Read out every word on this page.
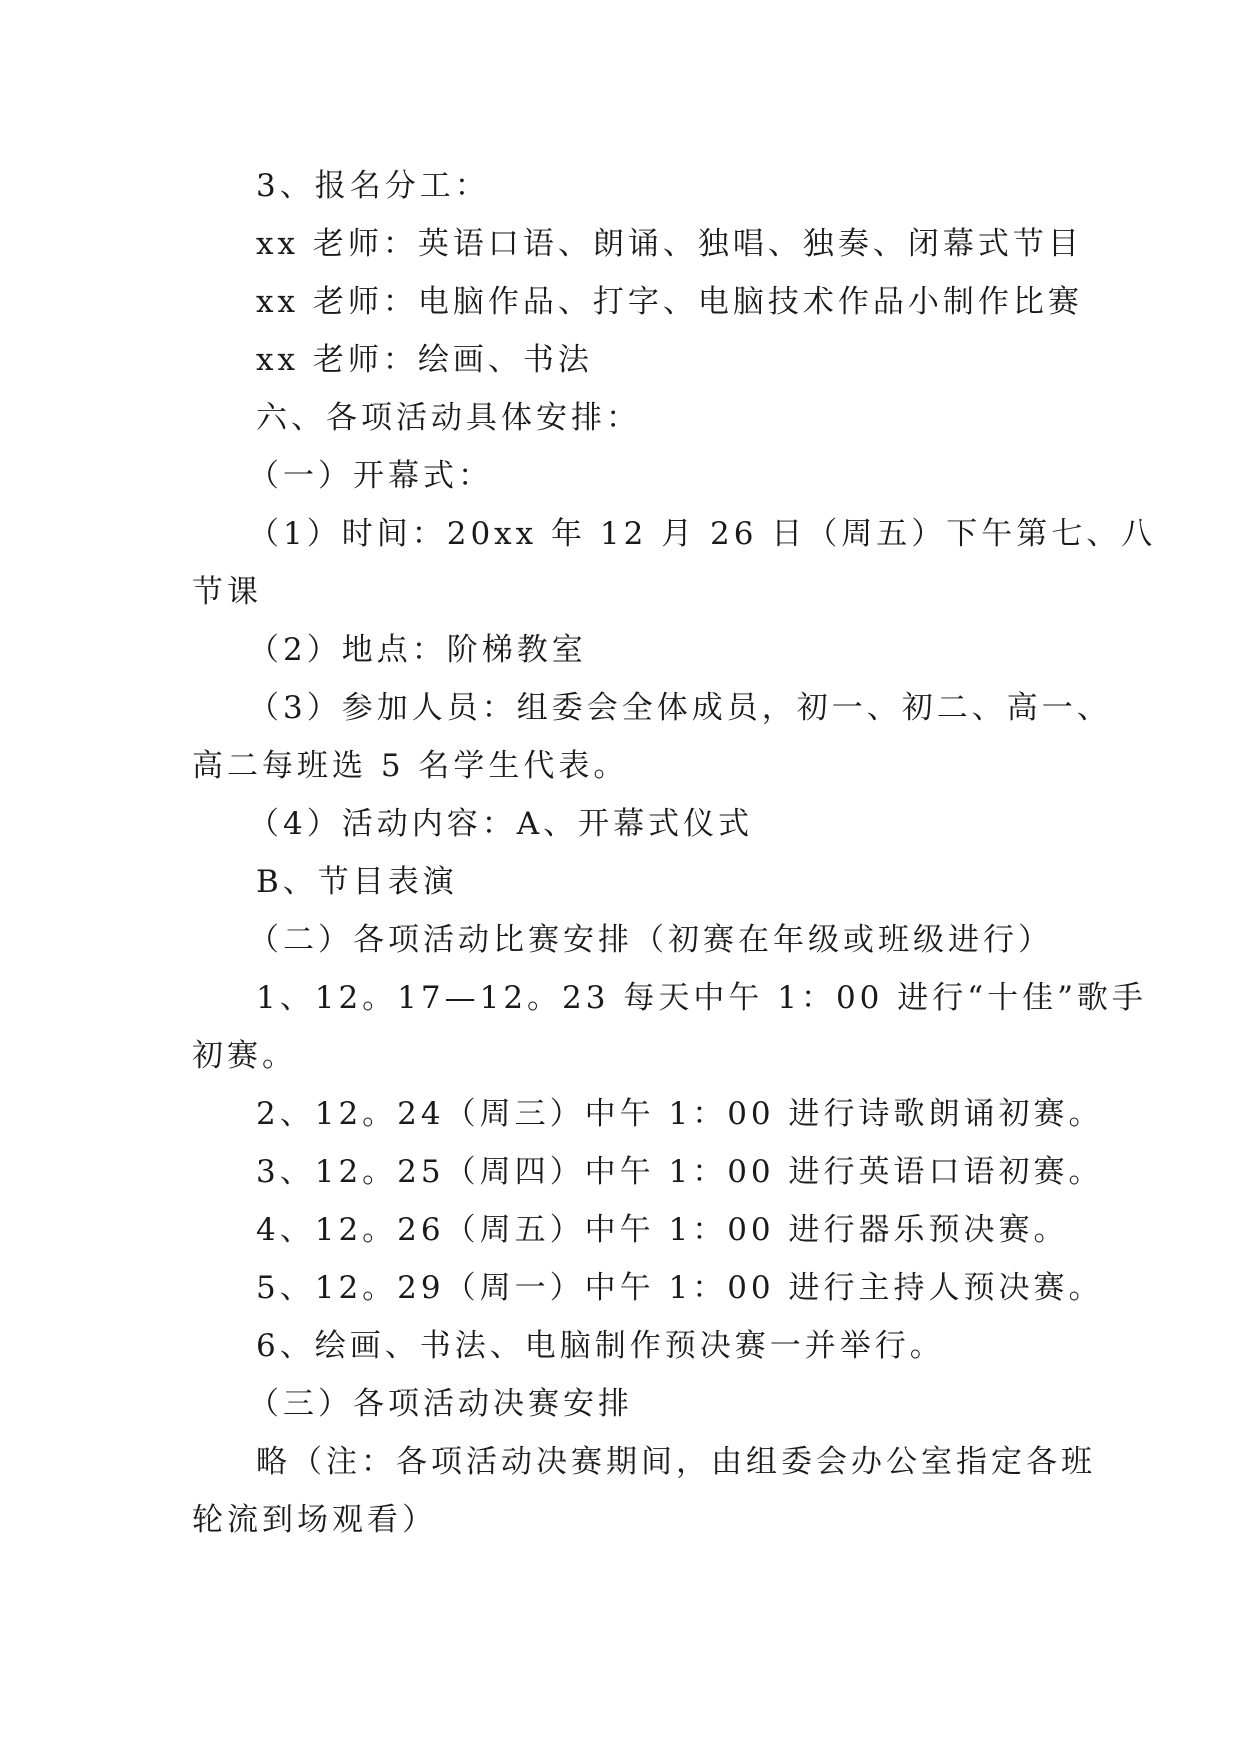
3、报名分工：
xx 老师：英语口语、朗诵、独唱、独奏、闭幕式节目
xx 老师：电脑作品、打字、电脑技术作品小制作比赛
xx 老师：绘画、书法
六、各项活动具体安排：
（一）开幕式：
（1）时间：20xx 年 12 月 26 日（周五）下午第七、八
节课
（2）地点：阶梯教室
（3）参加人员：组委会全体成员，初一、初二、高一、
高二每班选 5 名学生代表。
（4）活动内容：A、开幕式仪式
B、节目表演
（二）各项活动比赛安排（初赛在年级或班级进行）
1、12。17—12。23 每天中午 1：00 进行“十佳”歌手
初赛。
2、12。24（周三）中午 1：00 进行诗歌朗诵初赛。
3、12。25（周四）中午 1：00 进行英语口语初赛。
4、12。26（周五）中午 1：00 进行器乐预决赛。
5、12。29（周一）中午 1：00 进行主持人预决赛。
6、绘画、书法、电脑制作预决赛一并举行。
（三）各项活动决赛安排
略（注：各项活动决赛期间，由组委会办公室指定各班
轮流到场观看）
